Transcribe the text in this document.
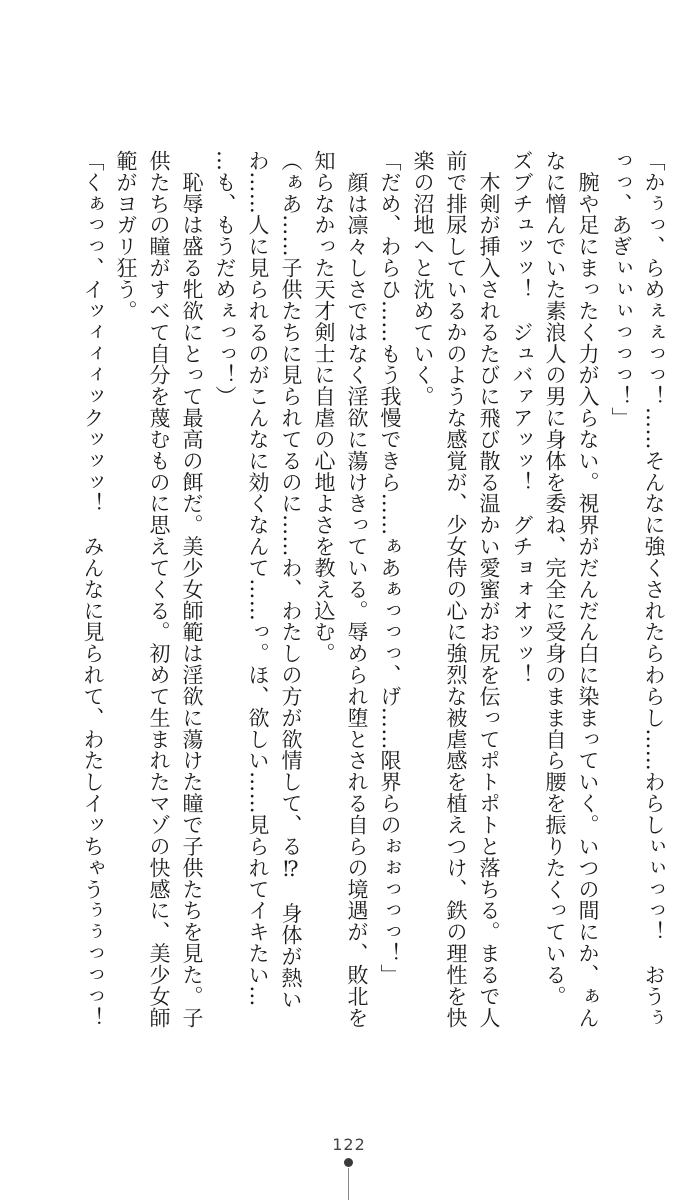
「かぅっ、らめぇぇっっ！……そんなに強くされたらわらし……わらしぃぃっっ！　おうぅっっ、あぎぃぃぃっっっ！」

　腕や足にまったく力が入らない。視界がだんだん白に染まっていく。いつの間にか、ぁんなに憎んでいた素浪人の男に身体を委ね、完全に受身のまま自ら腰を振りたくっている。

ズブチュッッ！　ジュバァアッッ！　グチョォオッッ！

　木剣が挿入されるたびに飛び散る温かい愛蜜がお尻を伝ってポトポトと落ちる。まるで人前で排尿しているかのような感覚が、少女侍の心に強烈な被虐感を植えつけ、鉄の理性を快楽の沼地へと沈めていく。

「だめ、わらひ……もう我慢できら……ぁあぁっっっ、げ……限界らのぉぉっっっ！」

　顔は凛々しさではなく淫欲に蕩けきっている。辱められ堕とされる自らの境遇が、敗北を知らなかった天才剣士に自虐の心地よさを教え込む。

（ぁあ……子供たちに見られてるのに……わ、わたしの方が欲情して、る⁉　身体が熱いわ……人に見られるのがこんなに効くなんて……っ。ほ、欲しい……見られてイキたい…

…も、もうだめぇっっ！）

　恥辱は盛る牝欲にとって最高の餌だ。美少女師範は淫欲に蕩けた瞳で子供たちを見た。子供たちの瞳がすべて自分を蔑むものに思えてくる。初めて生まれたマゾの快感に、美少女師範がヨガリ狂う。

「くぁっっ、イッィィィックッッッ！　みんなに見られて、わたしイッちゃうぅぅっっっ！

122
